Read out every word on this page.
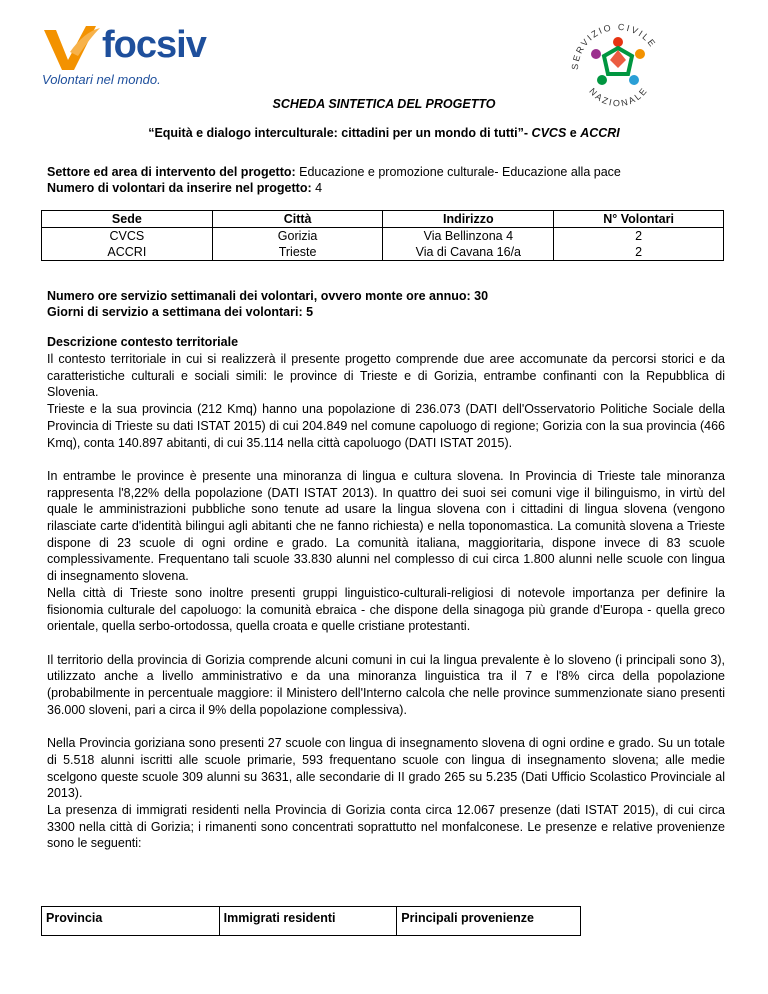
focsiv
Volontari nel mondo.
SERVIZIO CIVILE
NAZIONALE
SCHEDA SINTETICA DEL PROGETTO
“Equità e dialogo interculturale: cittadini per un mondo di tutti”- CVCS e ACCRI
Settore ed area di intervento del progetto: Educazione e promozione culturale- Educazione alla pace
Numero di volontari da inserire nel progetto: 4
Sede	Città	Indirizzo	N° Volontari
CVCS	Gorizia	Via Bellinzona 4	2
ACCRI	Trieste	Via di Cavana 16/a	2
Numero ore servizio settimanali dei volontari, ovvero monte ore annuo: 30
Giorni di servizio a settimana dei volontari: 5
Descrizione contesto territoriale

Il contesto territoriale in cui si realizzerà il presente progetto comprende due aree accomunate da percorsi storici e da caratteristiche culturali e sociali simili: le province di Trieste e di Gorizia, entrambe confinanti con la Repubblica di Slovenia.

Trieste e la sua provincia (212 Kmq) hanno una popolazione di 236.073 (DATI dell'Osservatorio Politiche Sociale della Provincia di Trieste su dati ISTAT 2015) di cui 204.849 nel comune capoluogo di regione; Gorizia con la sua provincia (466 Kmq), conta 140.897 abitanti, di cui 35.114 nella città capoluogo (DATI ISTAT 2015).

In entrambe le province è presente una minoranza di lingua e cultura slovena. In Provincia di Trieste tale minoranza rappresenta l'8,22% della popolazione (DATI ISTAT 2013). In quattro dei suoi sei comuni vige il bilinguismo, in virtù del quale le amministrazioni pubbliche sono tenute ad usare la lingua slovena con i cittadini di lingua slovena (vengono rilasciate carte d'identità bilingui agli abitanti che ne fanno richiesta) e nella toponomastica. La comunità slovena a Trieste dispone di 23 scuole di ogni ordine e grado. La comunità italiana, maggioritaria, dispone invece di 83 scuole complessivamente. Frequentano tali scuole 33.830 alunni nel complesso di cui circa 1.800 alunni nelle scuole con lingua di insegnamento slovena.

Nella città di Trieste sono inoltre presenti gruppi linguistico-culturali-religiosi di notevole importanza per definire la fisionomia culturale del capoluogo: la comunità ebraica - che dispone della sinagoga più grande d'Europa - quella greco orientale, quella serbo-ortodossa, quella croata e quelle cristiane protestanti.

Il territorio della provincia di Gorizia comprende alcuni comuni in cui la lingua prevalente è lo sloveno (i principali sono 3), utilizzato anche a livello amministrativo e da una minoranza linguistica tra il 7 e l'8% circa della popolazione (probabilmente in percentuale maggiore: il Ministero dell'Interno calcola che nelle province summenzionate siano presenti 36.000 sloveni, pari a circa il 9% della popolazione complessiva).

Nella Provincia goriziana sono presenti 27 scuole con lingua di insegnamento slovena di ogni ordine e grado. Su un totale di 5.518 alunni iscritti alle scuole primarie, 593 frequentano scuole con lingua di insegnamento slovena; alle medie scelgono queste scuole 309 alunni su 3631, alle secondarie di II grado 265 su 5.235 (Dati Ufficio Scolastico Provinciale al 2013).

La presenza di immigrati residenti nella Provincia di Gorizia conta circa 12.067 presenze (dati ISTAT 2015), di cui circa 3300 nella città di Gorizia; i rimanenti sono concentrati soprattutto nel monfalconese. Le presenze e relative provenienze sono le seguenti:

Provincia	Immigrati residenti	Principali provenienze
